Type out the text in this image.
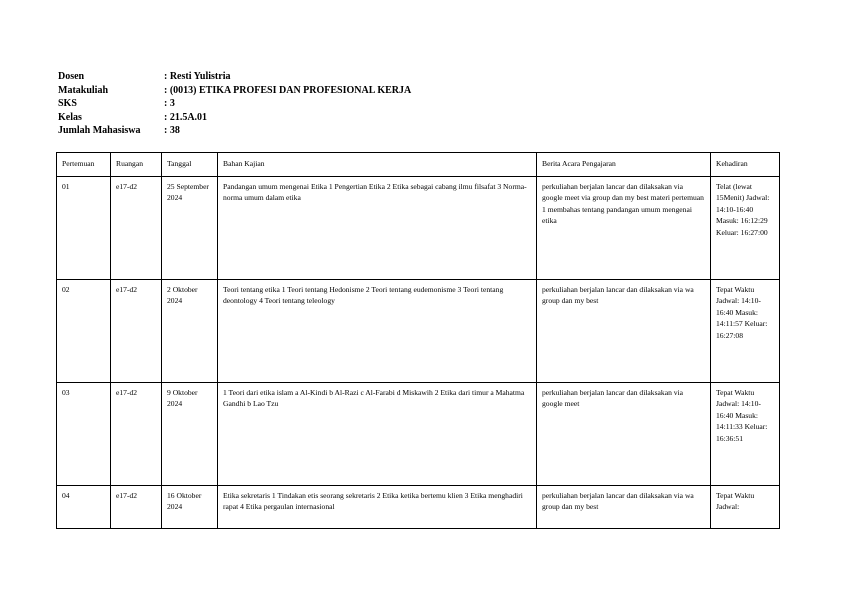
Dosen	: Resti Yulistria
Matakuliah	: (0013) ETIKA PROFESI DAN PROFESIONAL KERJA
SKS	: 3
Kelas	: 21.5A.01
Jumlah Mahasiswa	: 38
Pertemuan	Ruangan	Tanggal	Bahan Kajian	Berita Acara Pengajaran	Kehadiran
01	e17-d2	25 September 2024	Pandangan umum mengenai Etika 1 Pengertian Etika 2 Etika sebagai cabang ilmu filsafat 3 Norma-norma umum dalam etika	perkuliahan berjalan lancar dan dilaksakan via google meet via group dan my best materi pertemuan 1 membahas tentang pandangan umum mengenai etika	Telat (lewat 15Menit) Jadwal: 14:10-16:40 Masuk: 16:12:29 Keluar: 16:27:00
02	e17-d2	2 Oktober 2024	Teori tentang etika 1 Teori tentang Hedonisme 2 Teori tentang eudemonisme 3 Teori tentang deontology 4 Teori tentang teleology	perkuliahan berjalan lancar dan dilaksakan via wa group dan my best	Tepat Waktu Jadwal: 14:10-16:40 Masuk: 14:11:57 Keluar: 16:27:08
03	e17-d2	9 Oktober 2024	1 Teori dari etika islam a Al-Kindi b Al-Razi c Al-Farabi d Miskawih 2 Etika dari timur a Mahatma Gandhi b Lao Tzu	perkuliahan berjalan lancar dan dilaksakan via google meet	Tepat Waktu Jadwal: 14:10-16:40 Masuk: 14:11:33 Keluar: 16:36:51
04	e17-d2	16 Oktober 2024	Etika sekretaris 1 Tindakan etis seorang sekretaris 2 Etika ketika bertemu klien 3 Etika menghadiri rapat 4 Etika pergaulan internasional	perkuliahan berjalan lancar dan dilaksakan via wa group dan my best	Tepat Waktu Jadwal:
